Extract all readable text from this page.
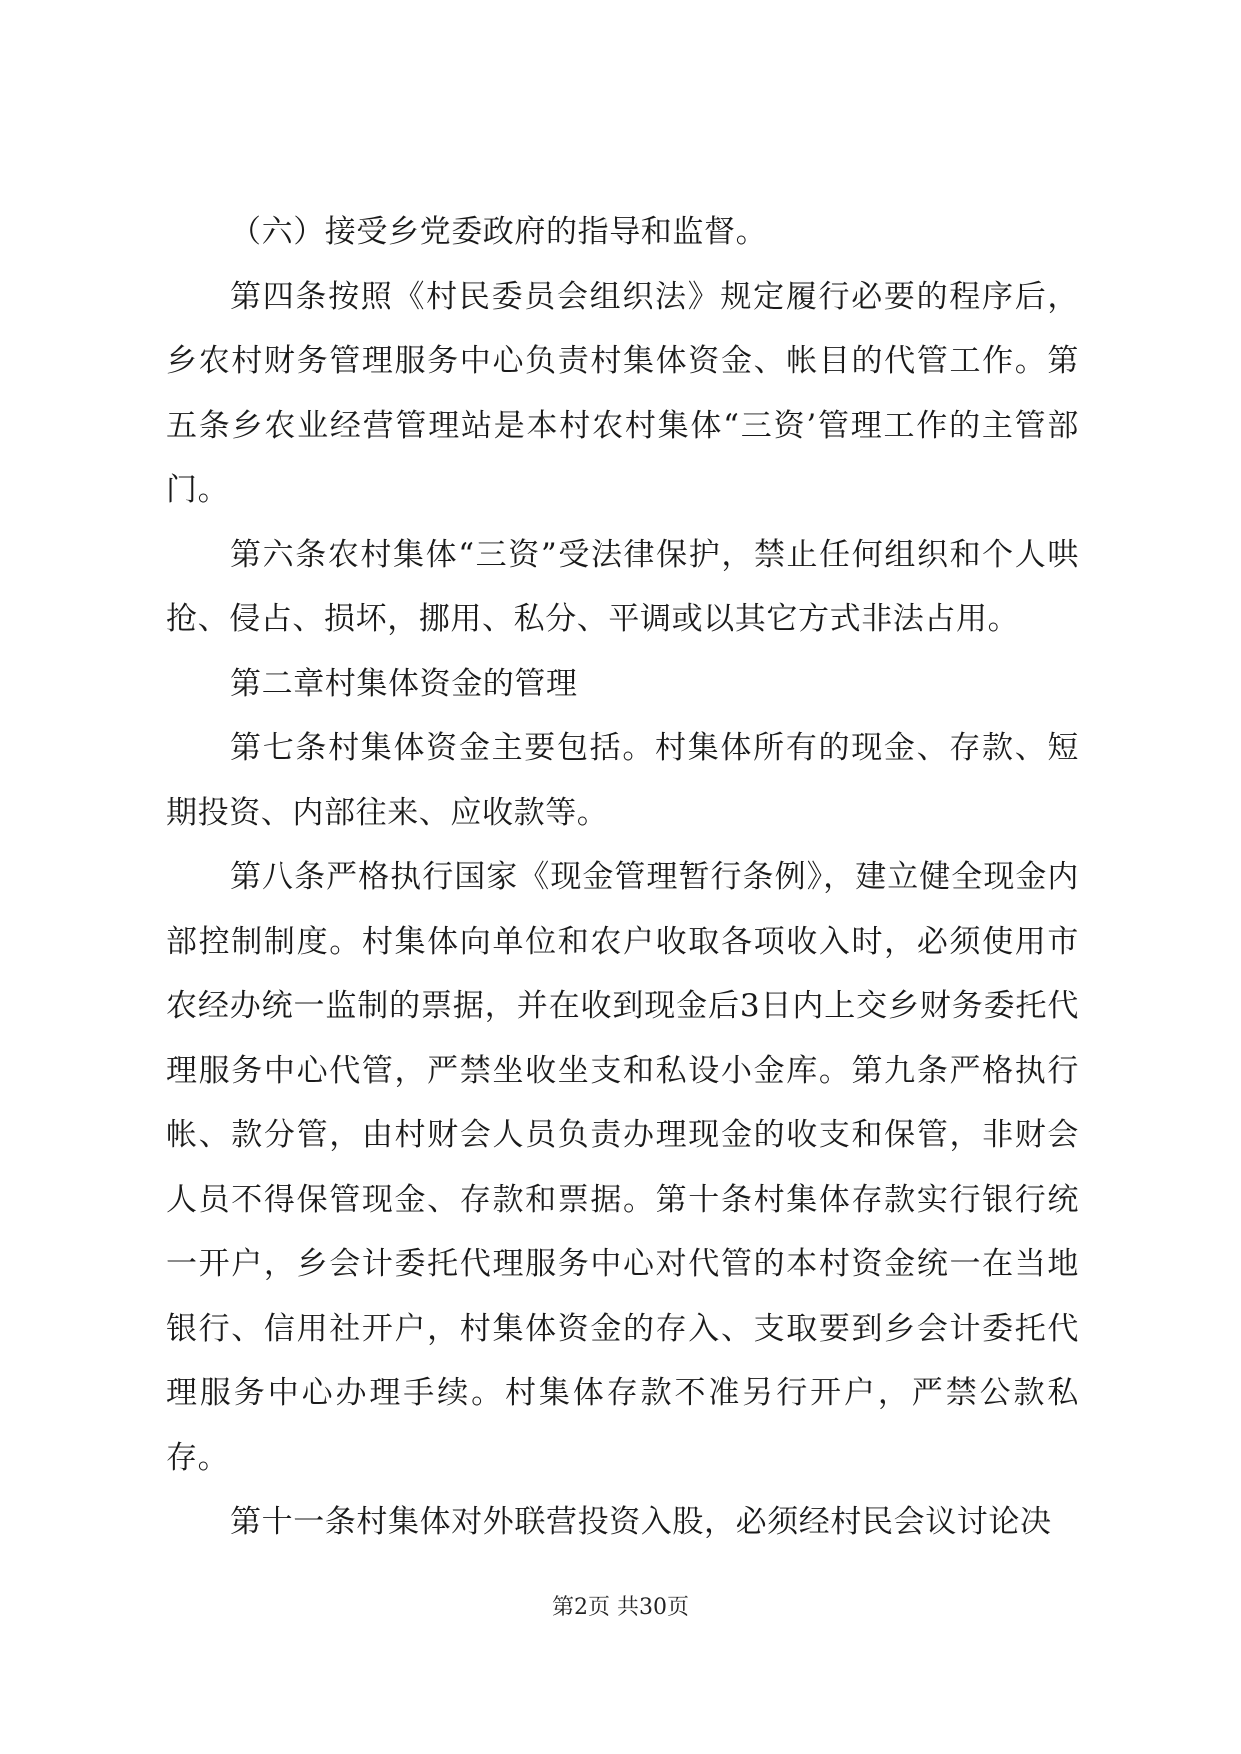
（六）接受乡党委政府的指导和监督。

第四条按照《村民委员会组织法》规定履行必要的程序后，乡农村财务管理服务中心负责村集体资金、帐目的代管工作。第五条乡农业经营管理站是本村农村集体“三资’管理工作的主管部门。

第六条农村集体“三资”受法律保护，禁止任何组织和个人哄抢、侵占、损坏，挪用、私分、平调或以其它方式非法占用。

第二章村集体资金的管理

第七条村集体资金主要包括。村集体所有的现金、存款、短期投资、内部往来、应收款等。

第八条严格执行国家《现金管理暂行条例》，建立健全现金内部控制制度。村集体向单位和农户收取各项收入时，必须使用市农经办统一监制的票据，并在收到现金后3日内上交乡财务委托代理服务中心代管，严禁坐收坐支和私设小金库。第九条严格执行帐、款分管，由村财会人员负责办理现金的收支和保管，非财会人员不得保管现金、存款和票据。第十条村集体存款实行银行统一开户，乡会计委托代理服务中心对代管的本村资金统一在当地银行、信用社开户，村集体资金的存入、支取要到乡会计委托代理服务中心办理手续。村集体存款不准另行开户，严禁公款私存。

第十一条村集体对外联营投资入股，必须经村民会议讨论决

第2页 共30页
